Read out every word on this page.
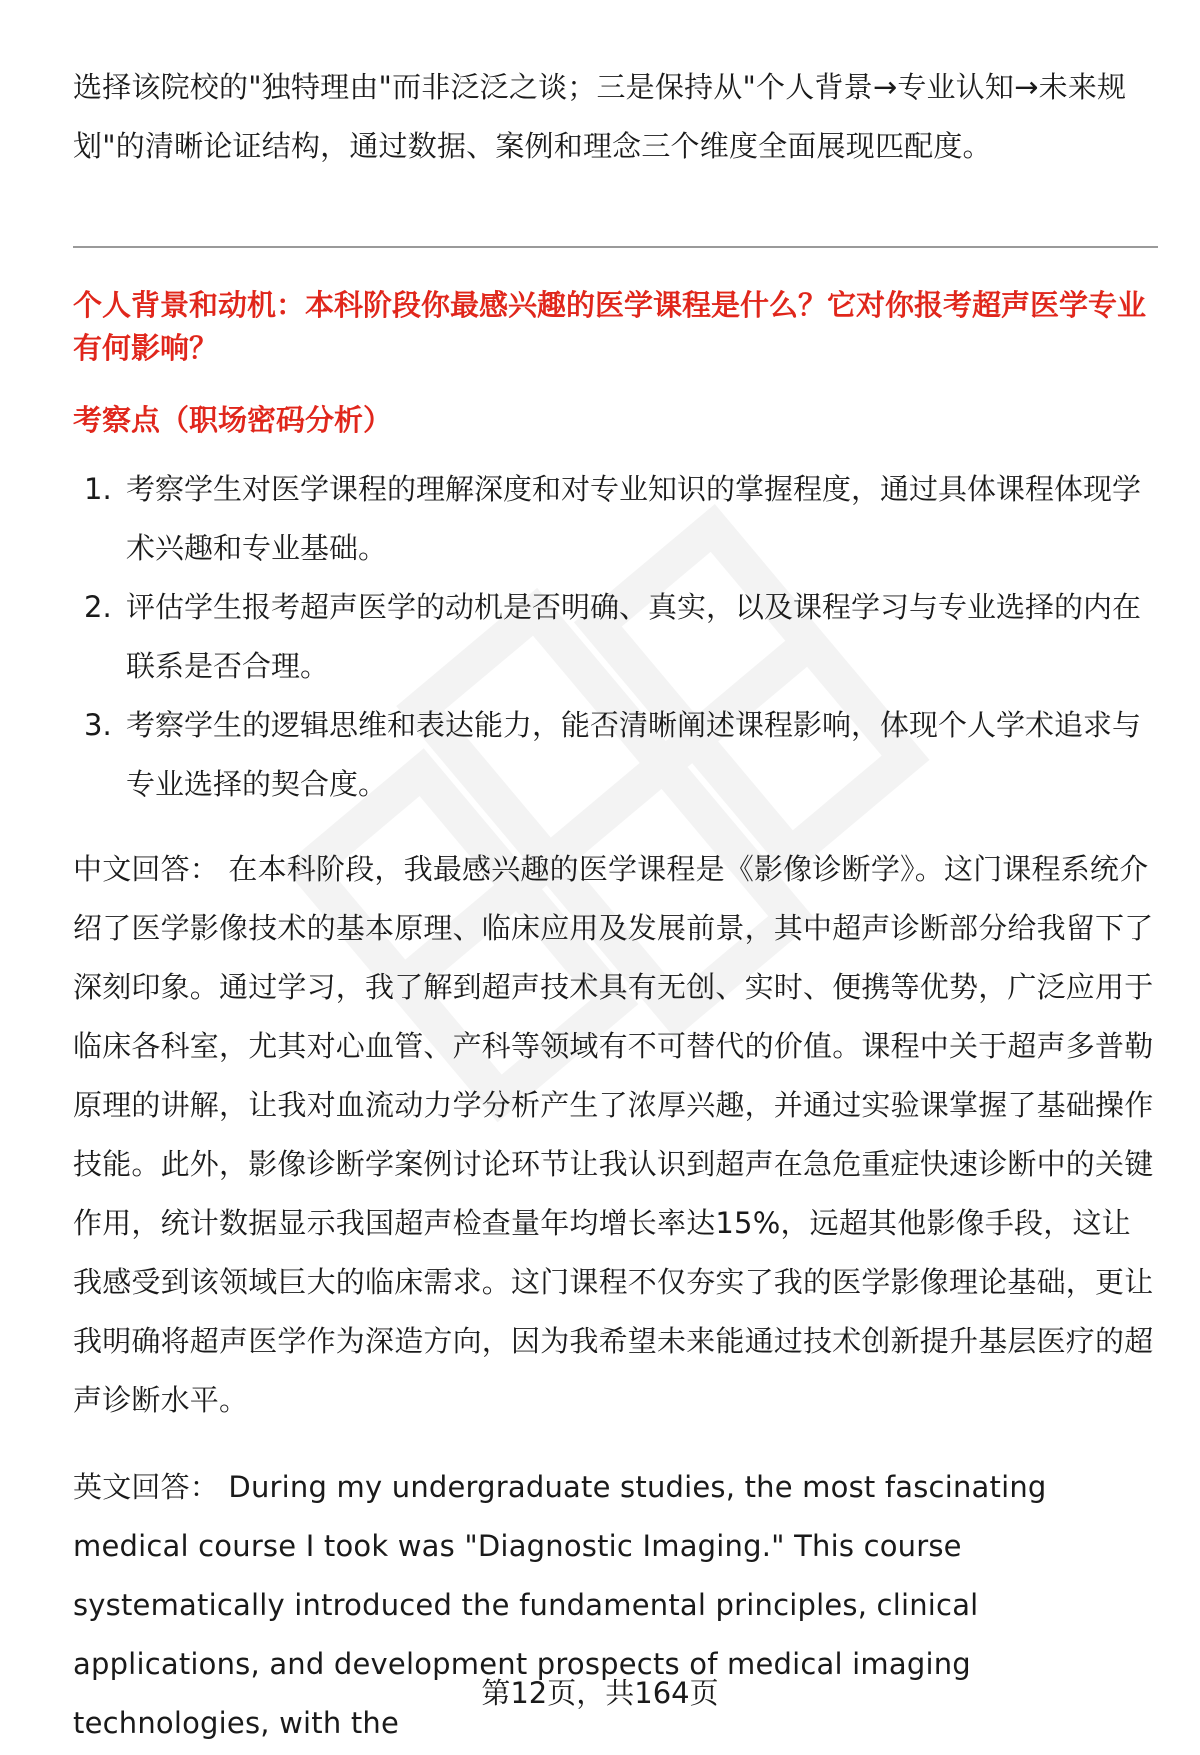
选择该院校的"独特理由"而非泛泛之谈；三是保持从"个人背景→专业认知→未来规划"的清晰论证结构，通过数据、案例和理念三个维度全面展现匹配度。

个人背景和动机：本科阶段你最感兴趣的医学课程是什么？它对你报考超声医学专业有何影响？
考察点（职场密码分析）
1. 考察学生对医学课程的理解深度和对专业知识的掌握程度，通过具体课程体现学术兴趣和专业基础。
2. 评估学生报考超声医学的动机是否明确、真实，以及课程学习与专业选择的内在联系是否合理。
3. 考察学生的逻辑思维和表达能力，能否清晰阐述课程影响，体现个人学术追求与专业选择的契合度。

中文回答： 在本科阶段，我最感兴趣的医学课程是《影像诊断学》。这门课程系统介绍了医学影像技术的基本原理、临床应用及发展前景，其中超声诊断部分给我留下了深刻印象。通过学习，我了解到超声技术具有无创、实时、便携等优势，广泛应用于临床各科室，尤其对心血管、产科等领域有不可替代的价值。课程中关于超声多普勒原理的讲解，让我对血流动力学分析产生了浓厚兴趣，并通过实验课掌握了基础操作技能。此外，影像诊断学案例讨论环节让我认识到超声在急危重症快速诊断中的关键作用，统计数据显示我国超声检查量年均增长率达15%，远超其他影像手段，这让我感受到该领域巨大的临床需求。这门课程不仅夯实了我的医学影像理论基础，更让我明确将超声医学作为深造方向，因为我希望未来能通过技术创新提升基层医疗的超声诊断水平。

英文回答： During my undergraduate studies, the most fascinating medical course I took was "Diagnostic Imaging." This course systematically introduced the fundamental principles, clinical applications, and development prospects of medical imaging technologies, with the

第12页，共164页
